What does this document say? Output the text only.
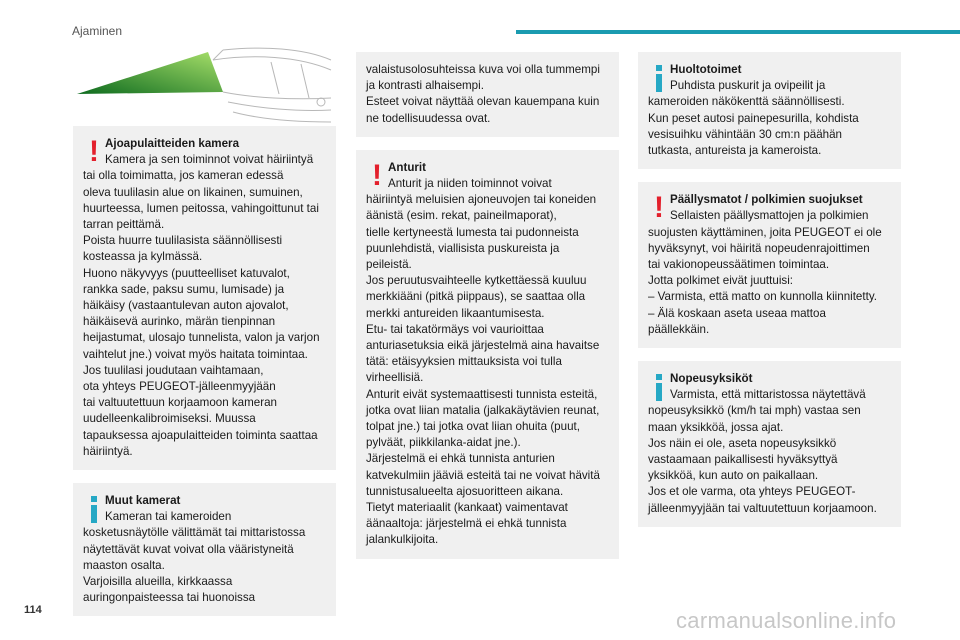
Ajaminen
! Ajoapulaitteiden kamera
Kamera ja sen toiminnot voivat häiriintyä

tai olla toimimatta, jos kameran edessä
oleva tuulilasin alue on likainen, sumuinen,
huurteessa, lumen peitossa, vahingoittunut tai
tarran peittämä.
Poista huurre tuulilasista säännöllisesti
kosteassa ja kylmässä.
Huono näkyvyys (puutteelliset katuvalot,
rankka sade, paksu sumu, lumisade) ja
häikäisy (vastaantulevan auton ajovalot,
häikäisevä aurinko, märän tienpinnan
heijastumat, ulosajo tunnelista, valon ja varjon
vaihtelut jne.) voivat myös haitata toimintaa.
Jos tuulilasi joudutaan vaihtamaan,
ota yhteys PEUGEOT-jälleenmyyjään
tai valtuutettuun korjaamoon kameran
uudelleenkalibroimiseksi. Muussa
tapauksessa ajoapulaitteiden toiminta saattaa
häiriintyä.

Muut kamerat
Kameran tai kameroiden

kosketusnäytölle välittämät tai mittaristossa
näytettävät kuvat voivat olla vääristyneitä
maaston osalta.
Varjoisilla alueilla, kirkkaassa
auringonpaisteessa tai huonoissa

valaistusolosuhteissa kuva voi olla tummempi
ja kontrasti alhaisempi.
Esteet voivat näyttää olevan kauempana kuin
ne todellisuudessa ovat.

! Anturit
Anturit ja niiden toiminnot voivat

häiriintyä meluisien ajoneuvojen tai koneiden
äänistä (esim. rekat, paineilmaporat),
tielle kertyneestä lumesta tai pudonneista
puunlehdistä, viallisista puskureista ja
peileistä.
Jos peruutusvaihteelle kytkettäessä kuuluu
merkkiääni (pitkä piippaus), se saattaa olla
merkki antureiden likaantumisesta.
Etu- tai takatörmäys voi vaurioittaa
anturiasetuksia eikä järjestelmä aina havaitse
tätä: etäisyyksien mittauksista voi tulla
virheellisiä.
Anturit eivät systemaattisesti tunnista esteitä,
jotka ovat liian matalia (jalkakäytävien reunat,
tolpat jne.) tai jotka ovat liian ohuita (puut,
pylväät, piikkilanka-aidat jne.).
Järjestelmä ei ehkä tunnista anturien
katvekulmiin jääviä esteitä tai ne voivat hävitä
tunnistusalueelta ajosuoritteen aikana.
Tietyt materiaalit (kankaat) vaimentavat
äänaaltoja: järjestelmä ei ehkä tunnista
jalankulkijoita.

Huoltotoimet
Puhdista puskurit ja ovipeilit ja

kameroiden näkökenttä säännöllisesti.
Kun peset autosi painepesurilla, kohdista
vesisuihku vähintään 30 cm:n päähän
tutkasta, antureista ja kameroista.

! Päällysmatot / polkimien suojukset
Sellaisten päällysmattojen ja polkimien

suojusten käyttäminen, joita PEUGEOT ei ole
hyväksynyt, voi häiritä nopeudenrajoittimen
tai vakionopeussäätimen toimintaa.
Jotta polkimet eivät juuttuisi:
– Varmista, että matto on kunnolla kiinnitetty.
– Älä koskaan aseta useaa mattoa
päällekkäin.

Nopeusyksiköt
Varmista, että mittaristossa näytettävä

nopeusyksikkö (km/h tai mph) vastaa sen
maan yksikköä, jossa ajat.
Jos näin ei ole, aseta nopeusyksikkö
vastaamaan paikallisesti hyväksyttyä
yksikköä, kun auto on paikallaan.
Jos et ole varma, ota yhteys PEUGEOT-
jälleenmyyjään tai valtuutettuun korjaamoon.

114	carmanualsonline.info
